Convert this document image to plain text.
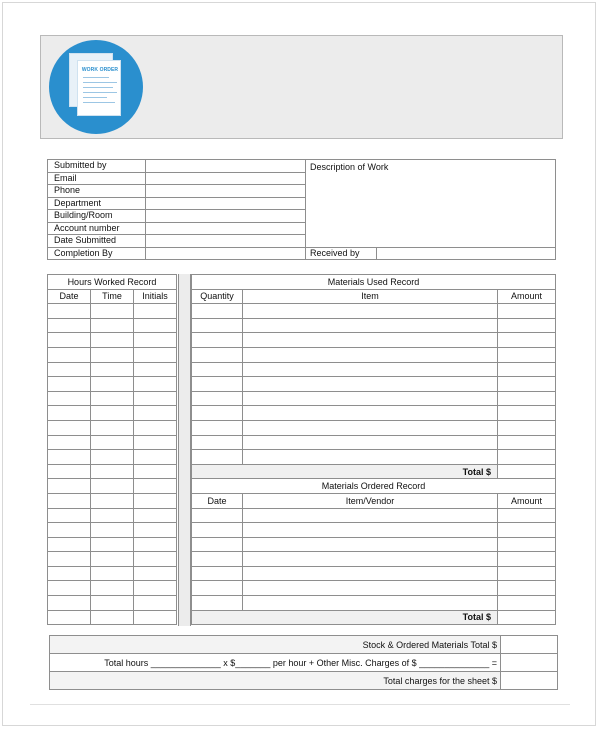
WORK ORDER
Submitted by		Description of Work	
Email			
Phone			
Department			
Building/Room			
Account number			
Date Submitted			
Completion By		Received by	
Hours Worked Record		
Date	Time	Initials

Materials Used Record		
Quantity	Item	Amount

Total $		
Materials Ordered Record		
Date	Item/Vendor	Amount

Total $		
Stock & Ordered Materials Total $	
Total hours ______________ x $_______ per hour + Other Misc. Charges of $ ______________ =	
Total charges for the sheet $	
